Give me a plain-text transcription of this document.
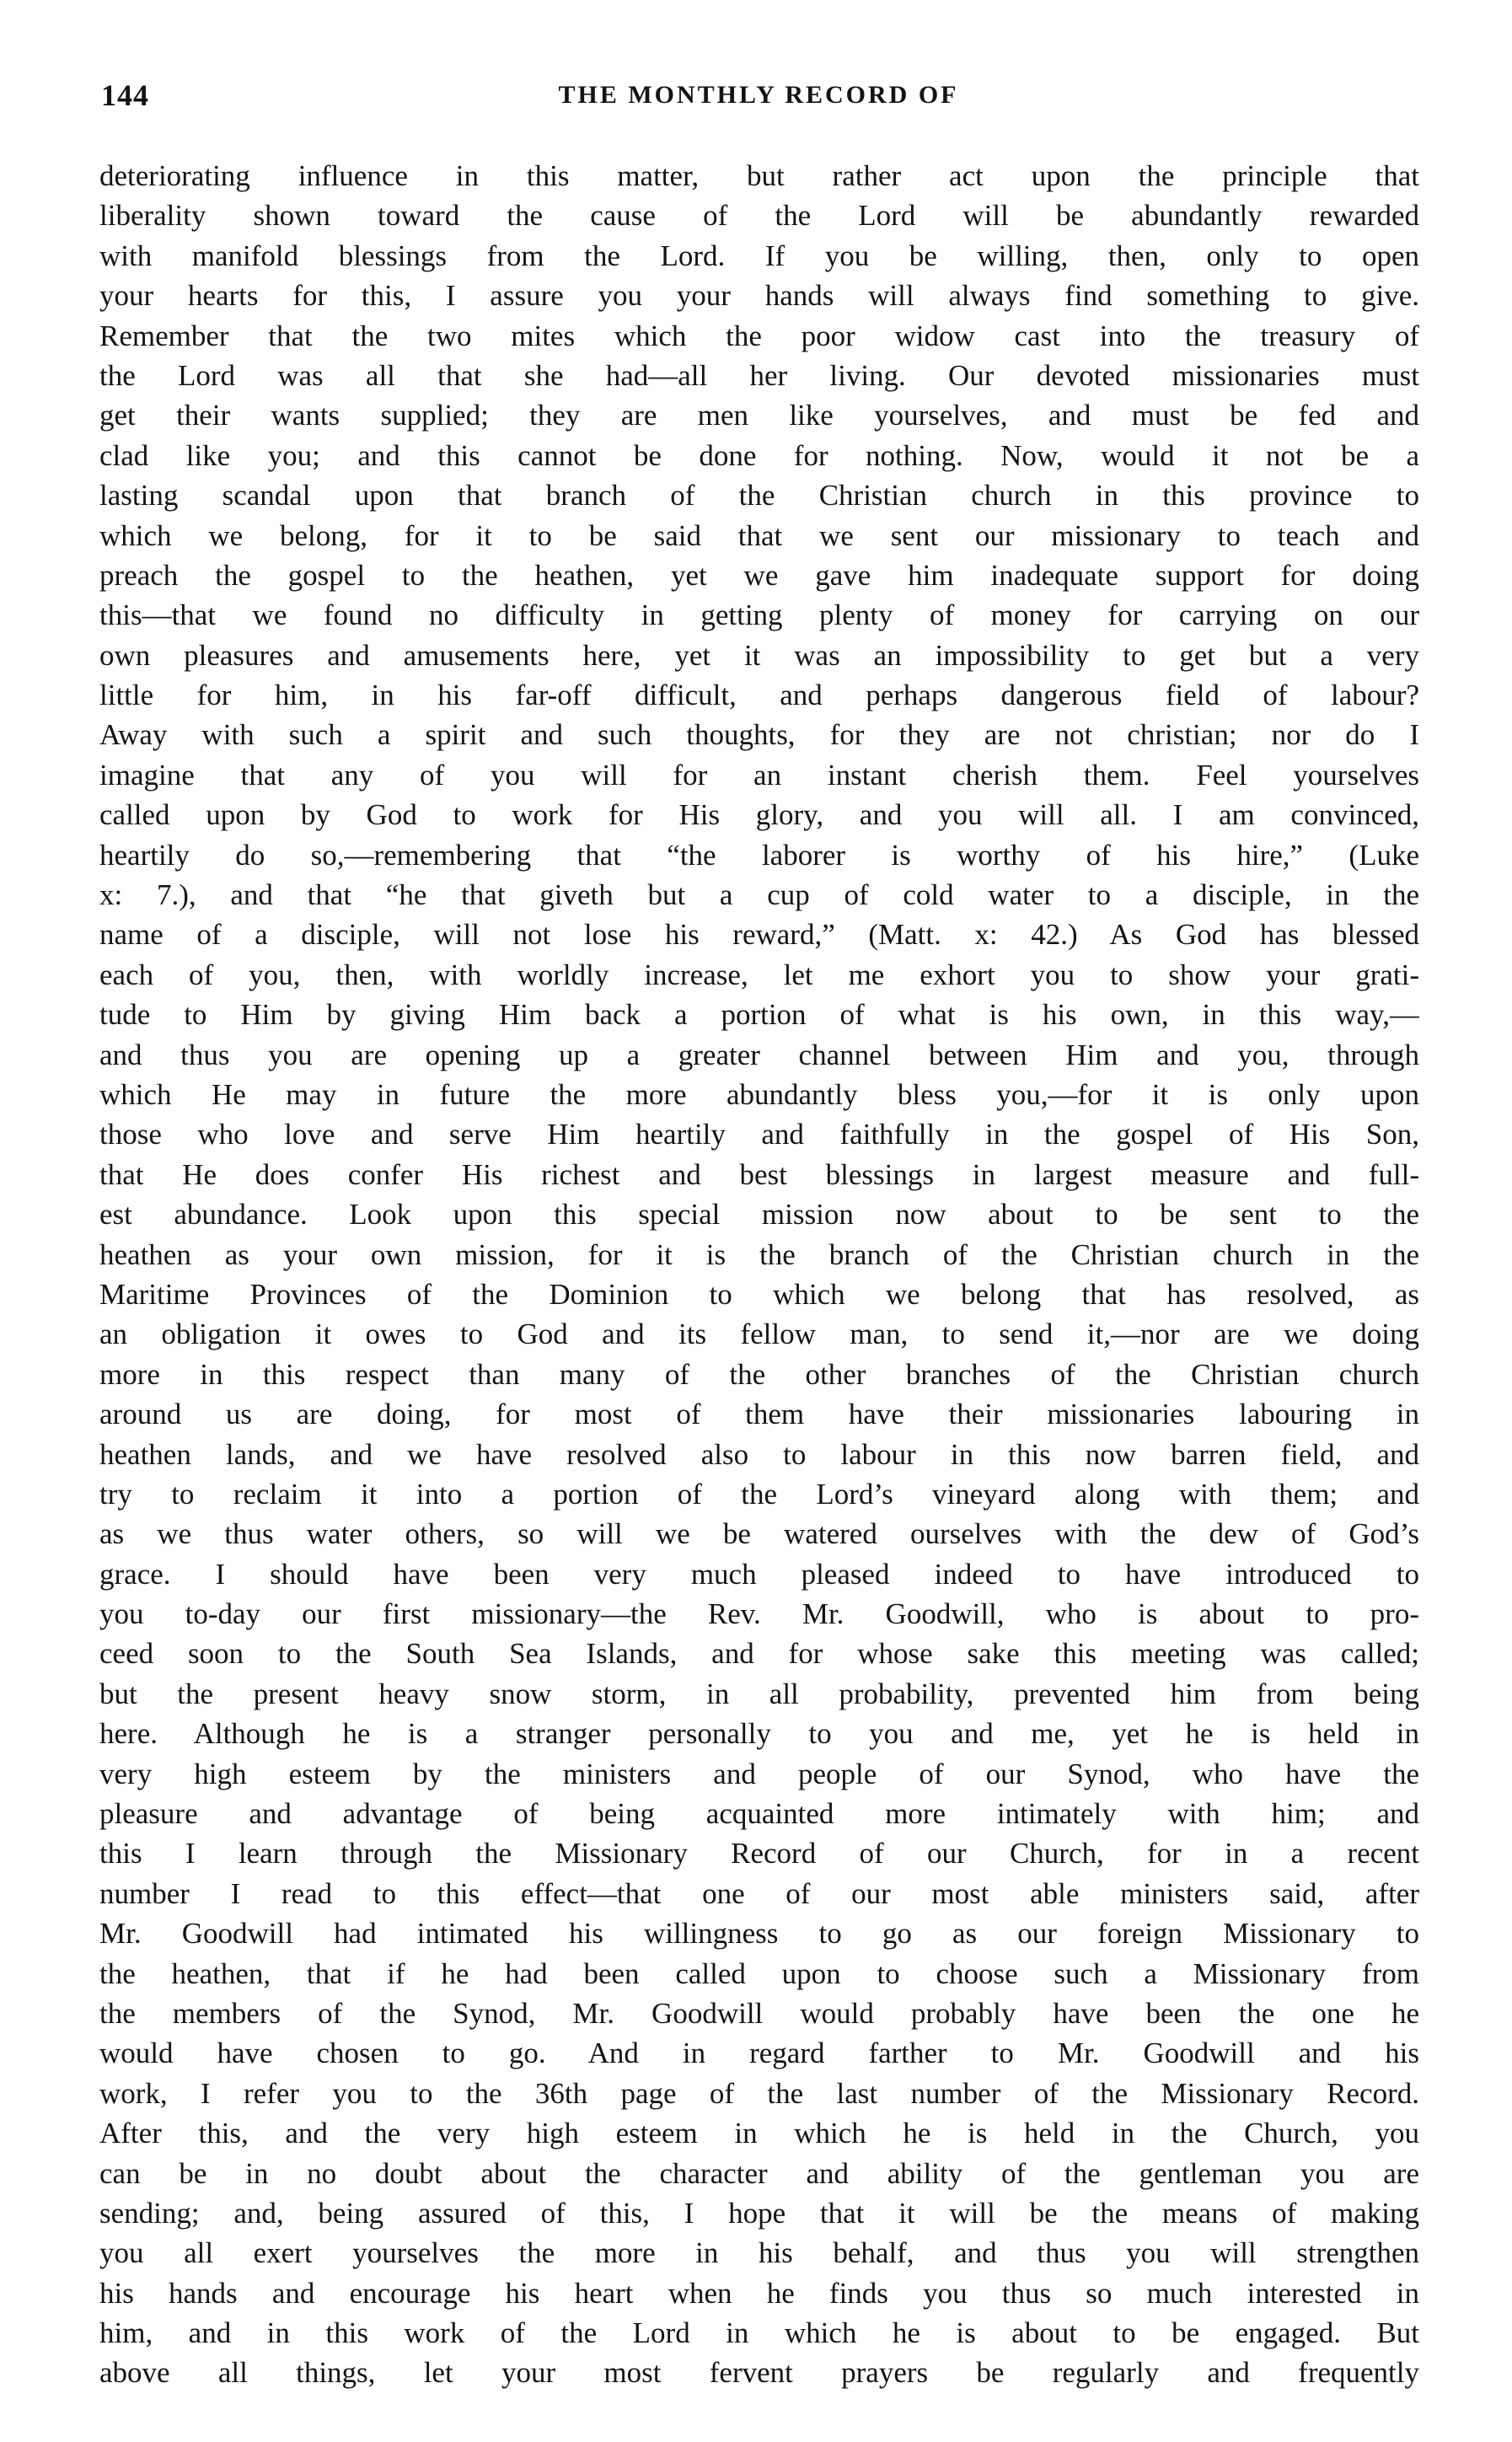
144	THE MONTHLY RECORD OF
deteriorating influence in this matter, but rather act upon the principle that
liberality shown toward the cause of the Lord will be abundantly rewarded
with manifold blessings from the Lord. If you be willing, then, only to open
your hearts for this, I assure you your hands will always find something to give.
Remember that the two mites which the poor widow cast into the treasury of
the Lord was all that she had—all her living. Our devoted missionaries must
get their wants supplied; they are men like yourselves, and must be fed and
clad like you; and this cannot be done for nothing. Now, would it not be a
lasting scandal upon that branch of the Christian church in this province to
which we belong, for it to be said that we sent our missionary to teach and
preach the gospel to the heathen, yet we gave him inadequate support for doing
this—that we found no difficulty in getting plenty of money for carrying on our
own pleasures and amusements here, yet it was an impossibility to get but a very
little for him, in his far-off difficult, and perhaps dangerous field of labour?
Away with such a spirit and such thoughts, for they are not christian; nor do I
imagine that any of you will for an instant cherish them. Feel yourselves
called upon by God to work for His glory, and you will all. I am convinced,
heartily do so,—remembering that “the laborer is worthy of his hire,” (Luke
x: 7.), and that “he that giveth but a cup of cold water to a disciple, in the
name of a disciple, will not lose his reward,” (Matt. x: 42.) As God has blessed
each of you, then, with worldly increase, let me exhort you to show your grati-
tude to Him by giving Him back a portion of what is his own, in this way,—
and thus you are opening up a greater channel between Him and you, through
which He may in future the more abundantly bless you,—for it is only upon
those who love and serve Him heartily and faithfully in the gospel of His Son,
that He does confer His richest and best blessings in largest measure and full-
est abundance. Look upon this special mission now about to be sent to the
heathen as your own mission, for it is the branch of the Christian church in the
Maritime Provinces of the Dominion to which we belong that has resolved, as
an obligation it owes to God and its fellow man, to send it,—nor are we doing
more in this respect than many of the other branches of the Christian church
around us are doing, for most of them have their missionaries labouring in
heathen lands, and we have resolved also to labour in this now barren field, and
try to reclaim it into a portion of the Lord’s vineyard along with them; and
as we thus water others, so will we be watered ourselves with the dew of God’s
grace. I should have been very much pleased indeed to have introduced to
you to-day our first missionary—the Rev. Mr. Goodwill, who is about to pro-
ceed soon to the South Sea Islands, and for whose sake this meeting was called;
but the present heavy snow storm, in all probability, prevented him from being
here. Although he is a stranger personally to you and me, yet he is held in
very high esteem by the ministers and people of our Synod, who have the
pleasure and advantage of being acquainted more intimately with him; and
this I learn through the Missionary Record of our Church, for in a recent
number I read to this effect—that one of our most able ministers said, after
Mr. Goodwill had intimated his willingness to go as our foreign Missionary to
the heathen, that if he had been called upon to choose such a Missionary from
the members of the Synod, Mr. Goodwill would probably have been the one he
would have chosen to go. And in regard farther to Mr. Goodwill and his
work, I refer you to the 36th page of the last number of the Missionary Record.
After this, and the very high esteem in which he is held in the Church, you
can be in no doubt about the character and ability of the gentleman you are
sending; and, being assured of this, I hope that it will be the means of making
you all exert yourselves the more in his behalf, and thus you will strengthen
his hands and encourage his heart when he finds you thus so much interested in
him, and in this work of the Lord in which he is about to be engaged. But
above all things, let your most fervent prayers be regularly and frequently
